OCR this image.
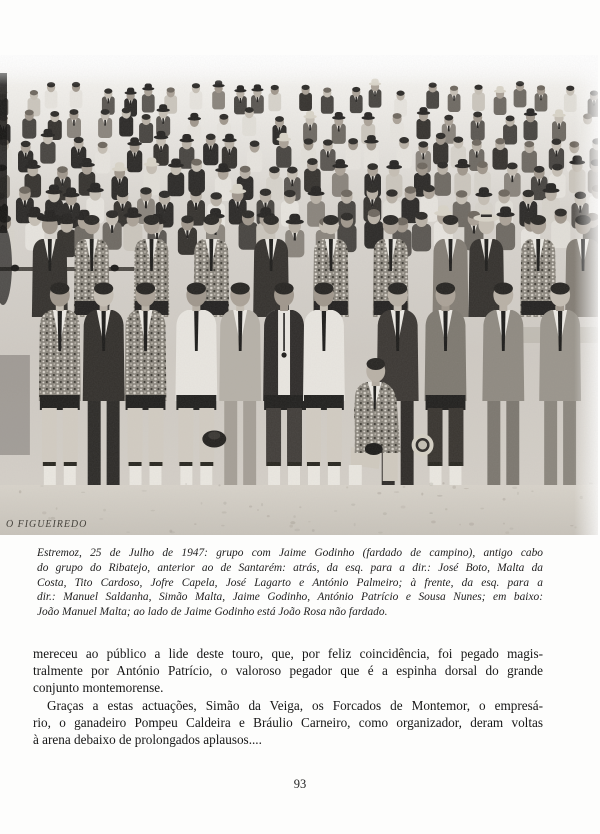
O FIGUEIREDO
Estremoz, 25 de Julho de 1947: grupo com Jaime Godinho (fardado de campino), antigo cabo
do grupo do Ribatejo, anterior ao de Santarém: atrás, da esq. para a dir.: José Boto, Malta da
Costa, Tito Cardoso, Jofre Capela, José Lagarto e António Palmeiro; à frente, da esq. para a
dir.: Manuel Saldanha, Simão Malta, Jaime Godinho, António Patrício e Sousa Nunes; em baixo:
João Manuel Malta; ao lado de Jaime Godinho está João Rosa não fardado.
mereceu ao público a lide deste touro, que, por feliz coincidência, foi pegado magis-
tralmente por António Patrício, o valoroso pegador que é a espinha dorsal do grande
conjunto montemorense.
Graças a estas actuações, Simão da Veiga, os Forcados de Montemor, o empresá-
rio, o ganadeiro Pompeu Caldeira e Bráulio Carneiro, como organizador, deram voltas
à arena debaixo de prolongados aplausos....
93
